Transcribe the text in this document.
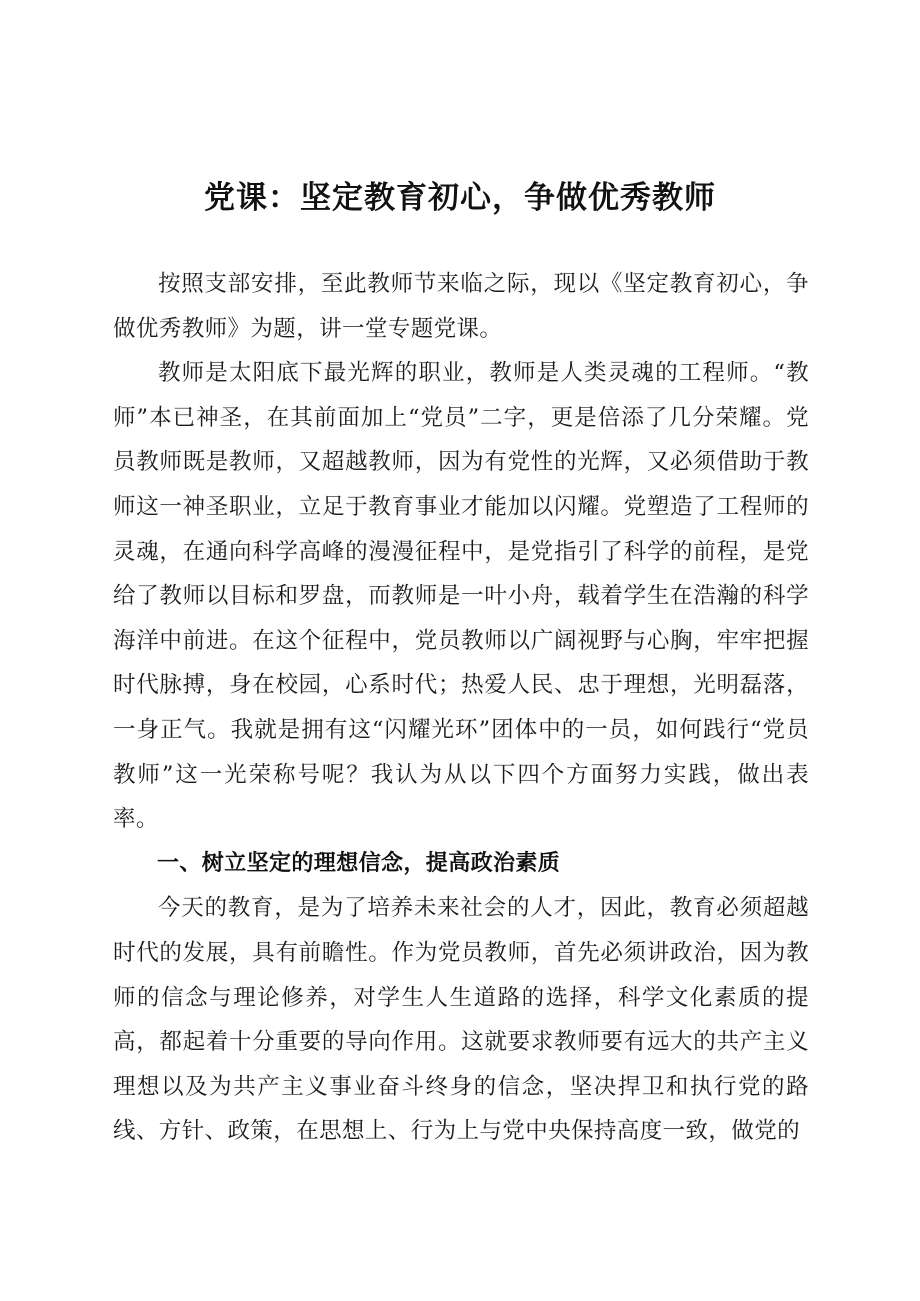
党课：坚定教育初心，争做优秀教师

按照支部安排，至此教师节来临之际，现以《坚定教育初心，争做优秀教师》为题，讲一堂专题党课。

教师是太阳底下最光辉的职业，教师是人类灵魂的工程师。“教师”本已神圣，在其前面加上“党员”二字，更是倍添了几分荣耀。党员教师既是教师，又超越教师，因为有党性的光辉，又必须借助于教师这一神圣职业，立足于教育事业才能加以闪耀。党塑造了工程师的灵魂，在通向科学高峰的漫漫征程中，是党指引了科学的前程，是党给了教师以目标和罗盘，而教师是一叶小舟，载着学生在浩瀚的科学海洋中前进。在这个征程中，党员教师以广阔视野与心胸，牢牢把握时代脉搏，身在校园，心系时代；热爱人民、忠于理想，光明磊落，一身正气。我就是拥有这“闪耀光环”团体中的一员，如何践行“党员教师”这一光荣称号呢？我认为从以下四个方面努力实践，做出表率。

一、树立坚定的理想信念，提高政治素质

今天的教育，是为了培养未来社会的人才，因此，教育必须超越时代的发展，具有前瞻性。作为党员教师，首先必须讲政治，因为教师的信念与理论修养，对学生人生道路的选择，科学文化素质的提高，都起着十分重要的导向作用。这就要求教师要有远大的共产主义理想以及为共产主义事业奋斗终身的信念，坚决捍卫和执行党的路线、方针、政策，在思想上、行为上与党中央保持高度一致，做党的
